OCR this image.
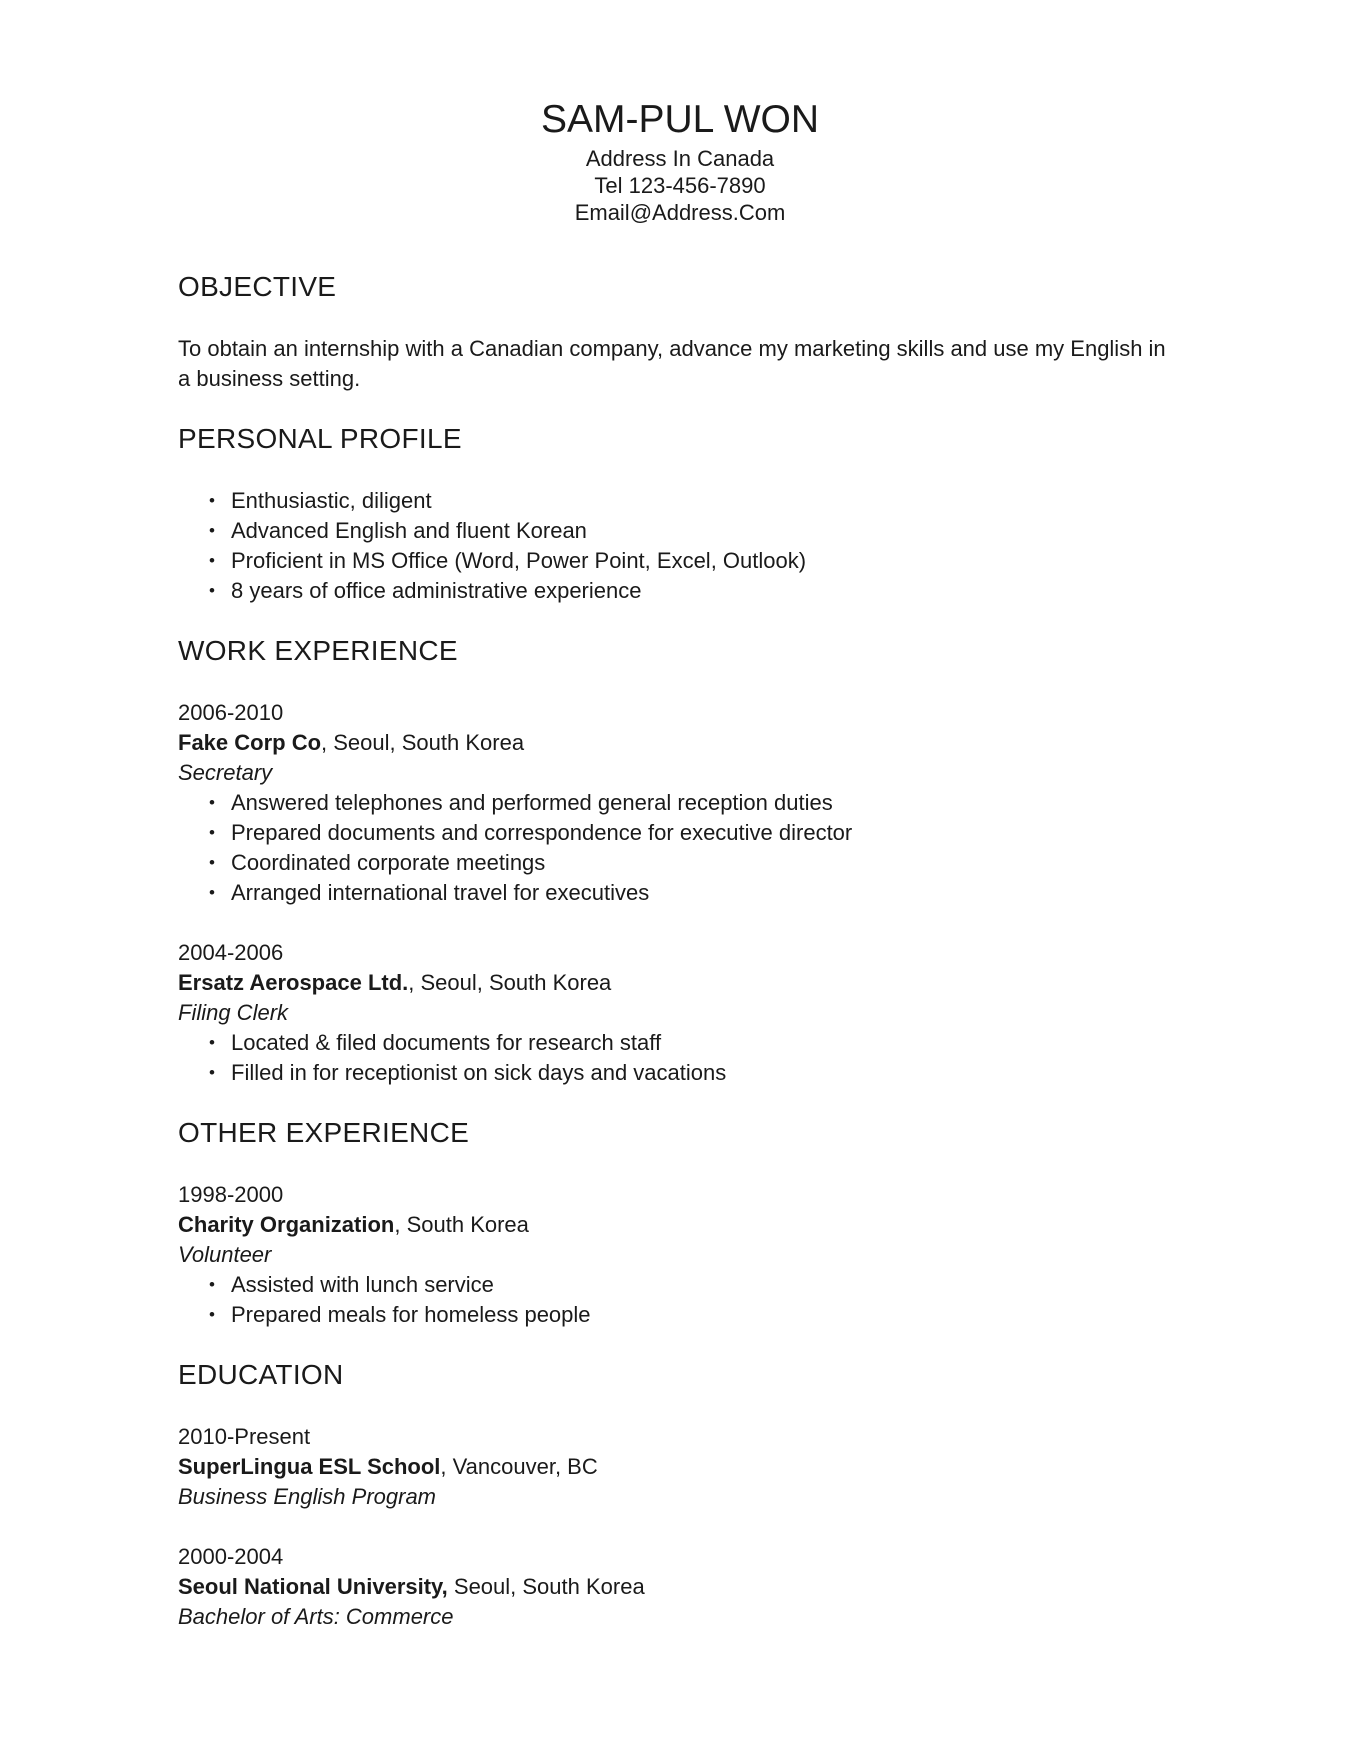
SAM-PUL WON
Address In Canada
Tel 123-456-7890
Email@Address.Com
OBJECTIVE

To obtain an internship with a Canadian company, advance my marketing skills and use my English in a business setting.

PERSONAL PROFILE
• Enthusiastic, diligent
• Advanced English and fluent Korean
• Proficient in MS Office (Word, Power Point, Excel, Outlook)
• 8 years of office administrative experience
WORK EXPERIENCE
2006-2010
Fake Corp Co, Seoul, South Korea
Secretary
• Answered telephones and performed general reception duties
• Prepared documents and correspondence for executive director
• Coordinated corporate meetings
• Arranged international travel for executives
2004-2006
Ersatz Aerospace Ltd., Seoul, South Korea
Filing Clerk
• Located & filed documents for research staff
• Filled in for receptionist on sick days and vacations
OTHER EXPERIENCE
1998-2000
Charity Organization, South Korea
Volunteer
• Assisted with lunch service
• Prepared meals for homeless people
EDUCATION
2010-Present
SuperLingua ESL School, Vancouver, BC
Business English Program
2000-2004
Seoul National University, Seoul, South Korea
Bachelor of Arts: Commerce
